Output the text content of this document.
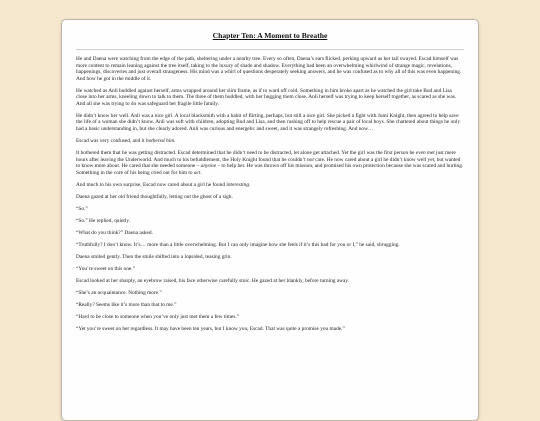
Chapter Ten: A Moment to Breathe

He and Daena were watching from the edge of the path, sheltering under a nearby tree. Every so often, Daena’s ears flicked, perking upward as her tail swayed. Escad himself was more content to remain leaning against the tree itself, taking to the luxury of shade and shadow. Everything had been an overwhelming whirlwind of strange magic, revelations, happenings, discoveries and just overall strangeness. His mind was a whirl of questions desperately seeking answers, and he was confused as to why all of this was even happening. And how he got in the middle of it.

He watched as Anli huddled against herself, arms wrapped around her slim frame, as if to ward off cold. Something in him broke apart as he watched the girl take Bud and Lisa close into her arms, kneeling down to talk to them. The three of them huddled, with her hugging them close. Anli herself was trying to keep herself together, as scared as she was. And all she was trying to do was safeguard her fragile little family.

He didn’t know her well. Anli was a nice girl. A local blacksmith with a habit of flirting, perhaps, but still a nice girl. She picked a fight with Jumi Knight, then agreed to help save the life of a woman she didn’t know. Anli was soft with children, adopting Bud and Lisa, and then rushing off to help rescue a pair of local boys. She chattered about things he only had a basic understanding in, but she clearly adored. Anli was curious and energetic and sweet, and it was strangely refreshing. And now…

Escad was very confused, and it bothered him.

It bothered them that he was getting distracted. Escad determined that he didn’t need to be distracted, let alone get attached. Yet the girl was the first person he even met just mere hours after leaving the Underworld. And much to his befuddlement, the Holy Knight found that he couldn’t not care. He now cared about a girl he didn’t know well yet, but wanted to know more about. He cared that she needed someone – anyone – to help her. He was thrown off his mission, and promised his own protection because she was scared and hurting. Something in the core of his being cried out for him to act.

And much to his own surprise, Escad now cared about a girl he found interesting.

Daena gazed at her old friend thoughtfully, letting out the ghost of a sigh.

“So.”

“So.” He replied, quietly.

“What do you think?” Daena asked.

“Truthfully? I don’t know. It’s… more than a little overwhelming. But I can only imagine how she feels if it’s this bad for you or I,” he said, shrugging.

Daena smiled gently. Then the smile shifted into a lopsided, teasing grin.

“You’re sweet on this one.”

Escad looked at her sharply, an eyebrow raised, his face otherwise carefully stoic. He gazed at her blankly, before turning away.

“She’s an acquaintance. Nothing more.”

“Really? Seems like it’s more than that to me.”

“Hard to be close to someone when you’ve only just met them a few times.”

“Yet you’re sweet on her regardless. It may have been ten years, but I know you, Escad. That was quite a promise you made.”
